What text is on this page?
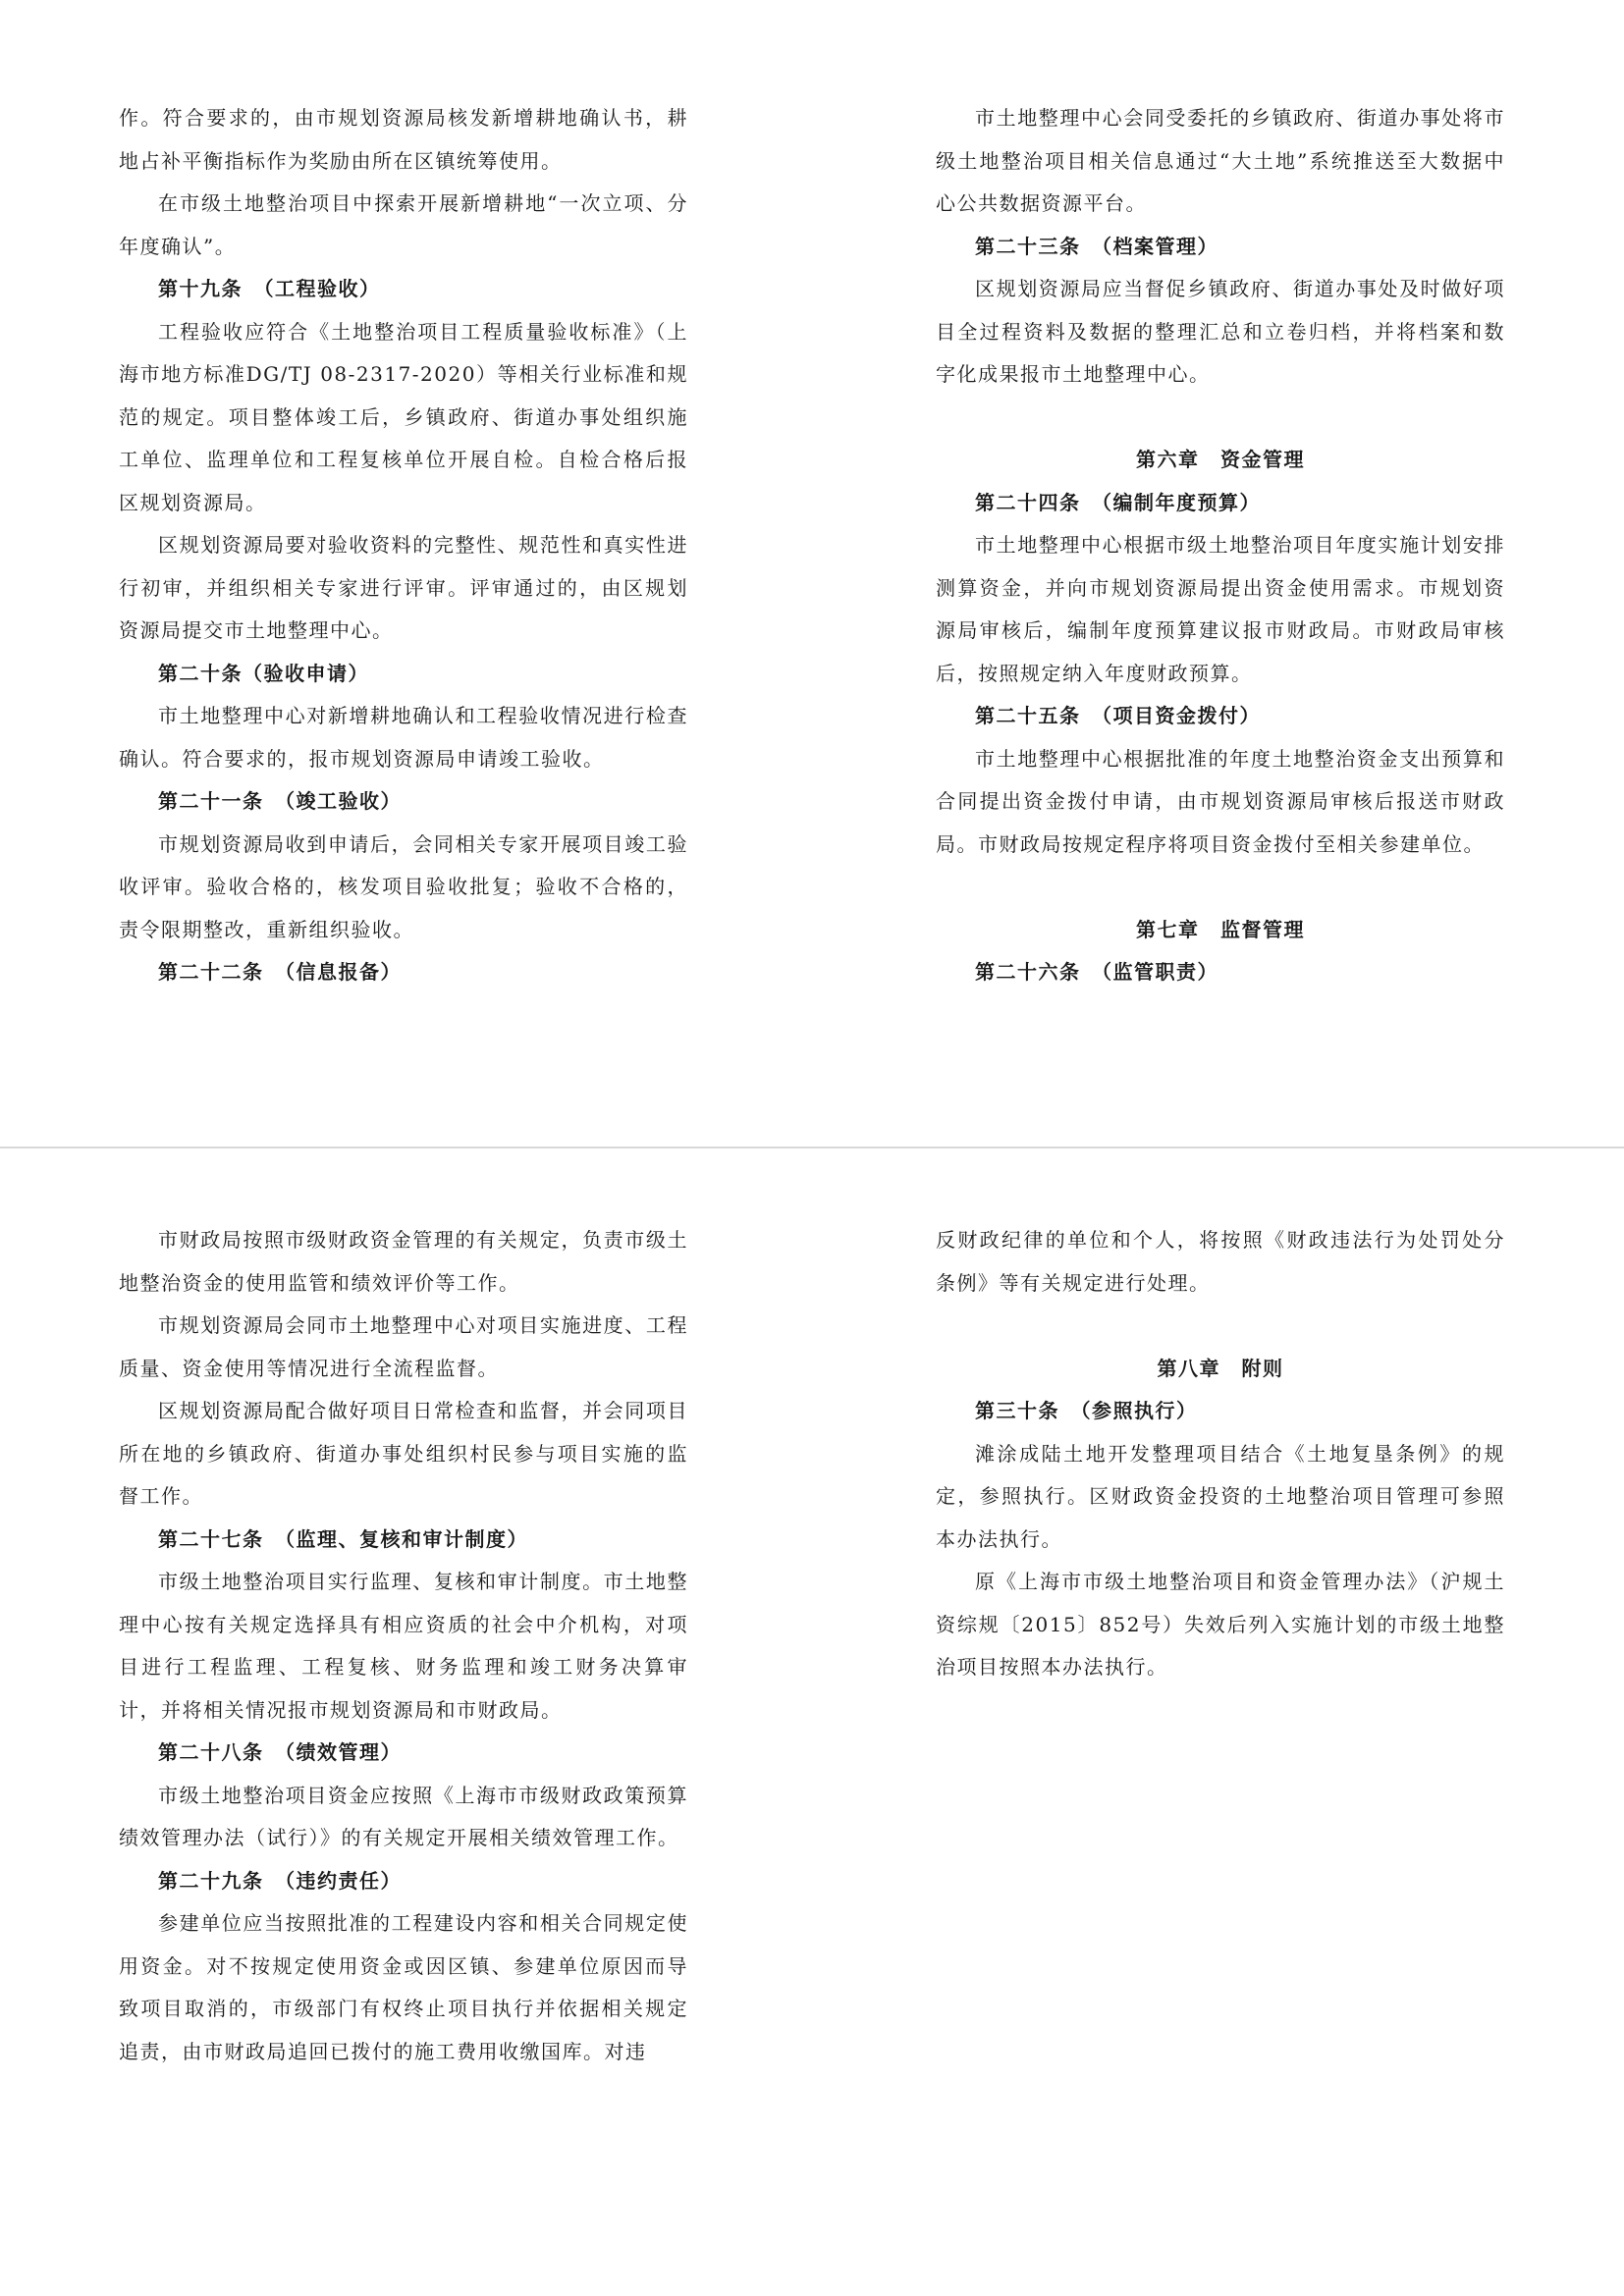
作。符合要求的，由市规划资源局核发新增耕地确认书，耕地占补平衡指标作为奖励由所在区镇统筹使用。

在市级土地整治项目中探索开展新增耕地“一次立项、分年度确认”。

第十九条　（工程验收）

工程验收应符合《土地整治项目工程质量验收标准》（上海市地方标准DG/TJ 08-2317-2020）等相关行业标准和规范的规定。项目整体竣工后，乡镇政府、街道办事处组织施工单位、监理单位和工程复核单位开展自检。自检合格后报区规划资源局。

区规划资源局要对验收资料的完整性、规范性和真实性进行初审，并组织相关专家进行评审。评审通过的，由区规划资源局提交市土地整理中心。

第二十条（验收申请）

市土地整理中心对新增耕地确认和工程验收情况进行检查确认。符合要求的，报市规划资源局申请竣工验收。

第二十一条　（竣工验收）

市规划资源局收到申请后，会同相关专家开展项目竣工验收评审。验收合格的，核发项目验收批复；验收不合格的，责令限期整改，重新组织验收。

第二十二条　（信息报备）

市土地整理中心会同受委托的乡镇政府、街道办事处将市级土地整治项目相关信息通过“大土地”系统推送至大数据中心公共数据资源平台。

第二十三条　（档案管理）

区规划资源局应当督促乡镇政府、街道办事处及时做好项目全过程资料及数据的整理汇总和立卷归档，并将档案和数字化成果报市土地整理中心。

第六章　资金管理

第二十四条　（编制年度预算）

市土地整理中心根据市级土地整治项目年度实施计划安排测算资金，并向市规划资源局提出资金使用需求。市规划资源局审核后，编制年度预算建议报市财政局。市财政局审核后，按照规定纳入年度财政预算。

第二十五条　（项目资金拨付）

市土地整理中心根据批准的年度土地整治资金支出预算和合同提出资金拨付申请，由市规划资源局审核后报送市财政局。市财政局按规定程序将项目资金拨付至相关参建单位。

第七章　监督管理

第二十六条　（监管职责）

市财政局按照市级财政资金管理的有关规定，负责市级土地整治资金的使用监管和绩效评价等工作。

市规划资源局会同市土地整理中心对项目实施进度、工程质量、资金使用等情况进行全流程监督。

区规划资源局配合做好项目日常检查和监督，并会同项目所在地的乡镇政府、街道办事处组织村民参与项目实施的监督工作。

第二十七条　（监理、复核和审计制度）

市级土地整治项目实行监理、复核和审计制度。市土地整理中心按有关规定选择具有相应资质的社会中介机构，对项目进行工程监理、工程复核、财务监理和竣工财务决算审计，并将相关情况报市规划资源局和市财政局。

第二十八条　（绩效管理）

市级土地整治项目资金应按照《上海市市级财政政策预算绩效管理办法（试行）》的有关规定开展相关绩效管理工作。

第二十九条　（违约责任）

参建单位应当按照批准的工程建设内容和相关合同规定使用资金。对不按规定使用资金或因区镇、参建单位原因而导致项目取消的，市级部门有权终止项目执行并依据相关规定追责，由市财政局追回已拨付的施工费用收缴国库。对违

反财政纪律的单位和个人，将按照《财政违法行为处罚处分条例》等有关规定进行处理。

第八章　附则

第三十条　（参照执行）

滩涂成陆土地开发整理项目结合《土地复垦条例》的规定，参照执行。区财政资金投资的土地整治项目管理可参照本办法执行。

原《上海市市级土地整治项目和资金管理办法》（沪规土资综规〔2015〕852号）失效后列入实施计划的市级土地整治项目按照本办法执行。
